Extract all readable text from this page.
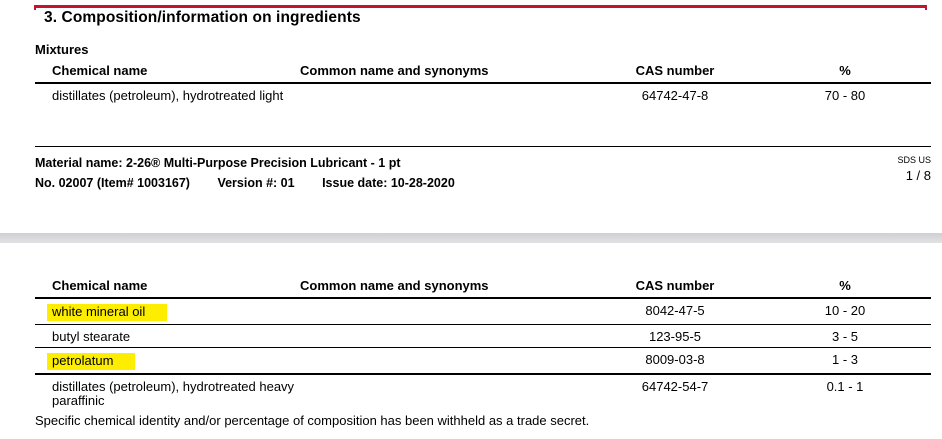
3. Composition/information on ingredients
Mixtures
Chemical name	Common name and synonyms	CAS number	%	
distillates (petroleum), hydrotreated light		64742-47-8	70 - 80	
Material name: 2-26® Multi-Purpose Precision Lubricant - 1 pt
No. 02007 (Item# 1003167) Version #: 01 Issue date: 10-28-2020
SDS US
1 / 8
Chemical name	Common name and synonyms	CAS number	%	
white mineral oil		8042-47-5	10 - 20	
butyl stearate		123-95-5	3 - 5	
petrolatum		8009-03-8	1 - 3	
distillates (petroleum), hydrotreated heavy paraffinic		64742-54-7	0.1 - 1	
Specific chemical identity and/or percentage of composition has been withheld as a trade secret.
